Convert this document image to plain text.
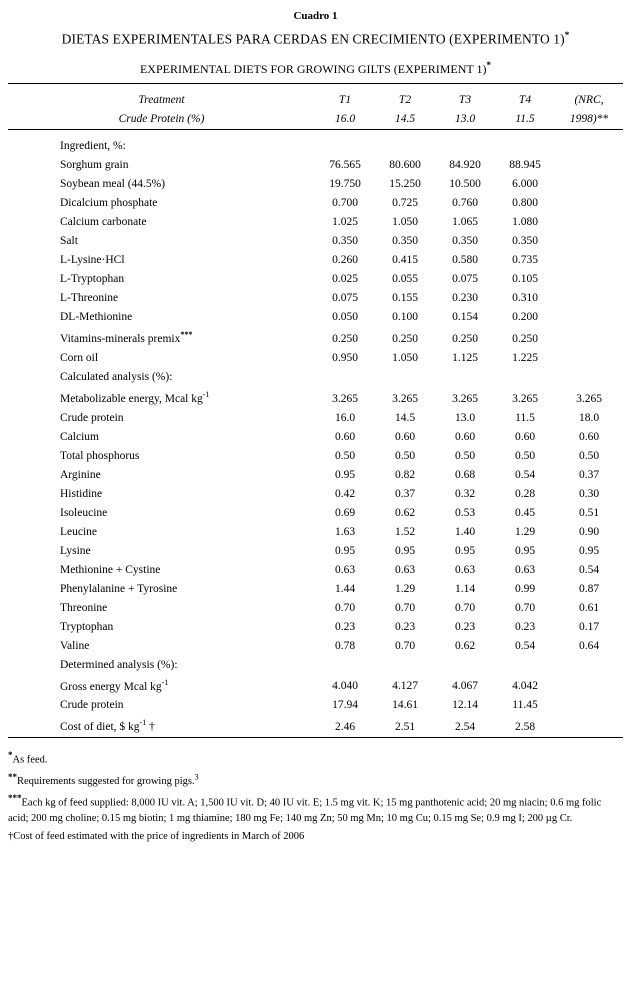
Cuadro 1
DIETAS EXPERIMENTALES PARA CERDAS EN CRECIMIENTO (EXPERIMENTO 1)*
EXPERIMENTAL DIETS FOR GROWING GILTS (EXPERIMENT 1)*

Treatment	T1	T2	T3	T4	(NRC,
Crude Protein (%)	16.0	14.5	13.0	11.5	1998)**

Ingredient, %:					
Sorghum grain	76.565	80.600	84.920	88.945	
Soybean meal (44.5%)	19.750	15.250	10.500	6.000	
Dicalcium phosphate	0.700	0.725	0.760	0.800	
Calcium carbonate	1.025	1.050	1.065	1.080	
Salt	0.350	0.350	0.350	0.350	
L-Lysine·HCl	0.260	0.415	0.580	0.735	
L-Tryptophan	0.025	0.055	0.075	0.105	
L-Threonine	0.075	0.155	0.230	0.310	
DL-Methionine	0.050	0.100	0.154	0.200	
Vitamins-minerals premix***	0.250	0.250	0.250	0.250	
Corn oil	0.950	1.050	1.125	1.225	
Calculated analysis (%):					
Metabolizable energy, Mcal $kg^{-1}$	3.265	3.265	3.265	3.265	3.265
Crude protein	16.0	14.5	13.0	11.5	18.0
Calcium	0.60	0.60	0.60	0.60	0.60
Total phosphorus	0.50	0.50	0.50	0.50	0.50
Arginine	0.95	0.82	0.68	0.54	0.37
Histidine	0.42	0.37	0.32	0.28	0.30
Isoleucine	0.69	0.62	0.53	0.45	0.51
Leucine	1.63	1.52	1.40	1.29	0.90
Lysine	0.95	0.95	0.95	0.95	0.95
Methionine + Cystine	0.63	0.63	0.63	0.63	0.54
Phenylalanine + Tyrosine	1.44	1.29	1.14	0.99	0.87
Threonine	0.70	0.70	0.70	0.70	0.61
Tryptophan	0.23	0.23	0.23	0.23	0.17
Valine	0.78	0.70	0.62	0.54	0.64
Determined analysis (%):					
Gross energy Mcal $kg^{-1}$	4.040	4.127	4.067	4.042	
Crude protein	17.94	14.61	12.14	11.45	
Cost of diet, $ $kg^{-1}$ †	2.46	2.51	2.54	2.58	

*As feed.
**Requirements suggested for growing pigs.$^3$
***Each kg of feed supplied: 8,000 IU vit. A; 1,500 IU vit. D; 40 IU vit. E; 1.5 mg vit. K; 15 mg panthotenic acid; 20 mg niacin; 0.6 mg folic acid; 200 mg choline; 0.15 mg biotin; 1 mg thiamine; 180 mg Fe; 140 mg Zn; 50 mg Mn; 10 mg Cu; 0.15 mg Se; 0.9 mg I; 200 µg Cr.
†Cost of feed estimated with the price of ingredients in March of 2006
